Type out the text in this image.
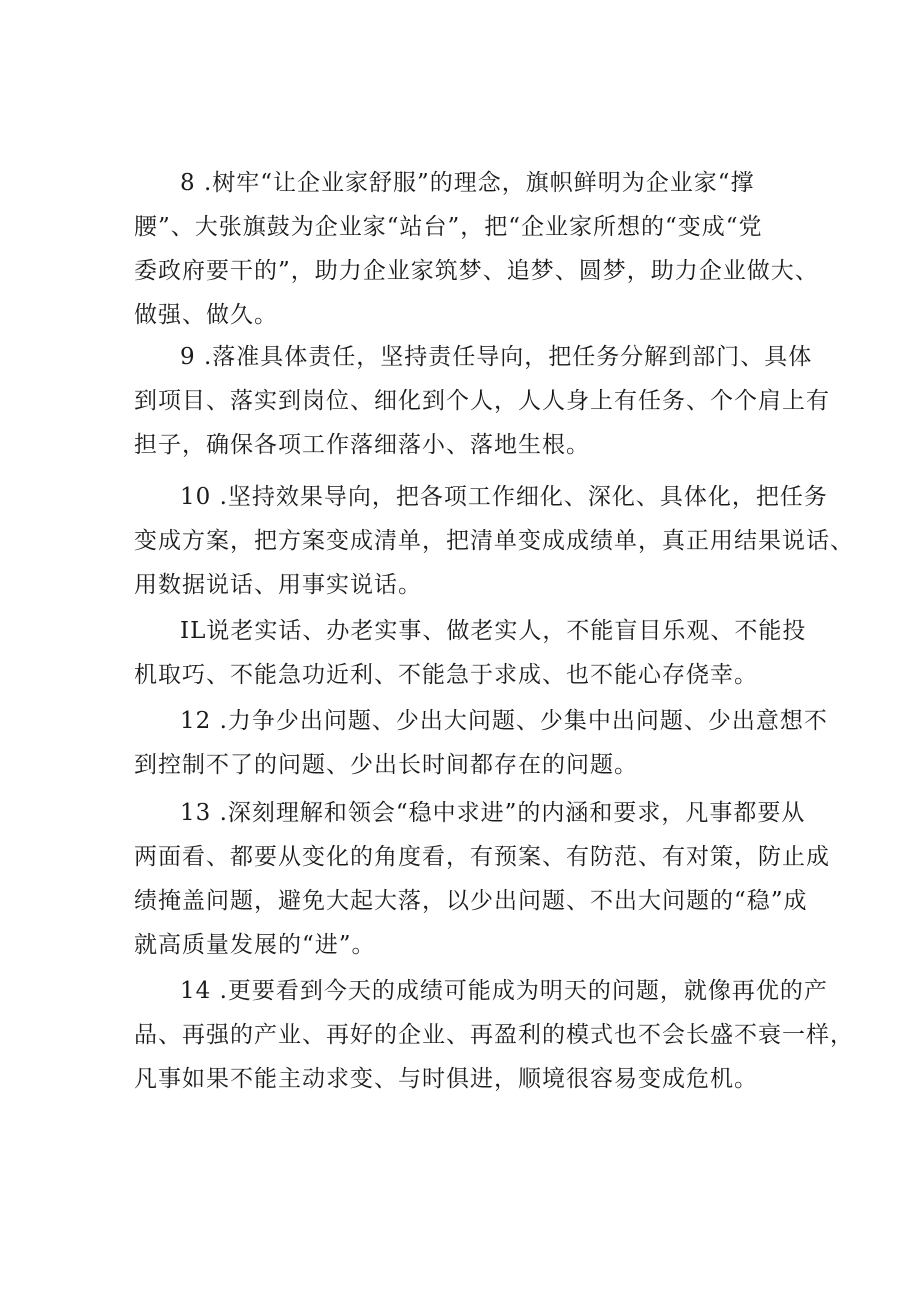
8 .树牢“让企业家舒服”的理念，旗帜鲜明为企业家“撑
腰”、大张旗鼓为企业家“站台”，把“企业家所想的“变成“党
委政府要干的”，助力企业家筑梦、追梦、圆梦，助力企业做大、
做强、做久。
9 .落准具体责任，坚持责任导向，把任务分解到部门、具体
到项目、落实到岗位、细化到个人，人人身上有任务、个个肩上有
担子，确保各项工作落细落小、落地生根。
10 .坚持效果导向，把各项工作细化、深化、具体化，把任务
变成方案，把方案变成清单，把清单变成成绩单，真正用结果说话、
用数据说话、用事实说话。
IL说老实话、办老实事、做老实人，不能盲目乐观、不能投
机取巧、不能急功近利、不能急于求成、也不能心存侥幸。
12 .力争少出问题、少出大问题、少集中出问题、少出意想不
到控制不了的问题、少出长时间都存在的问题。
13 .深刻理解和领会“稳中求进”的内涵和要求，凡事都要从
两面看、都要从变化的角度看，有预案、有防范、有对策，防止成
绩掩盖问题，避免大起大落，以少出问题、不出大问题的“稳”成
就高质量发展的“进”。
14 .更要看到今天的成绩可能成为明天的问题，就像再优的产
品、再强的产业、再好的企业、再盈利的模式也不会长盛不衰一样，
凡事如果不能主动求变、与时俱进，顺境很容易变成危机。
